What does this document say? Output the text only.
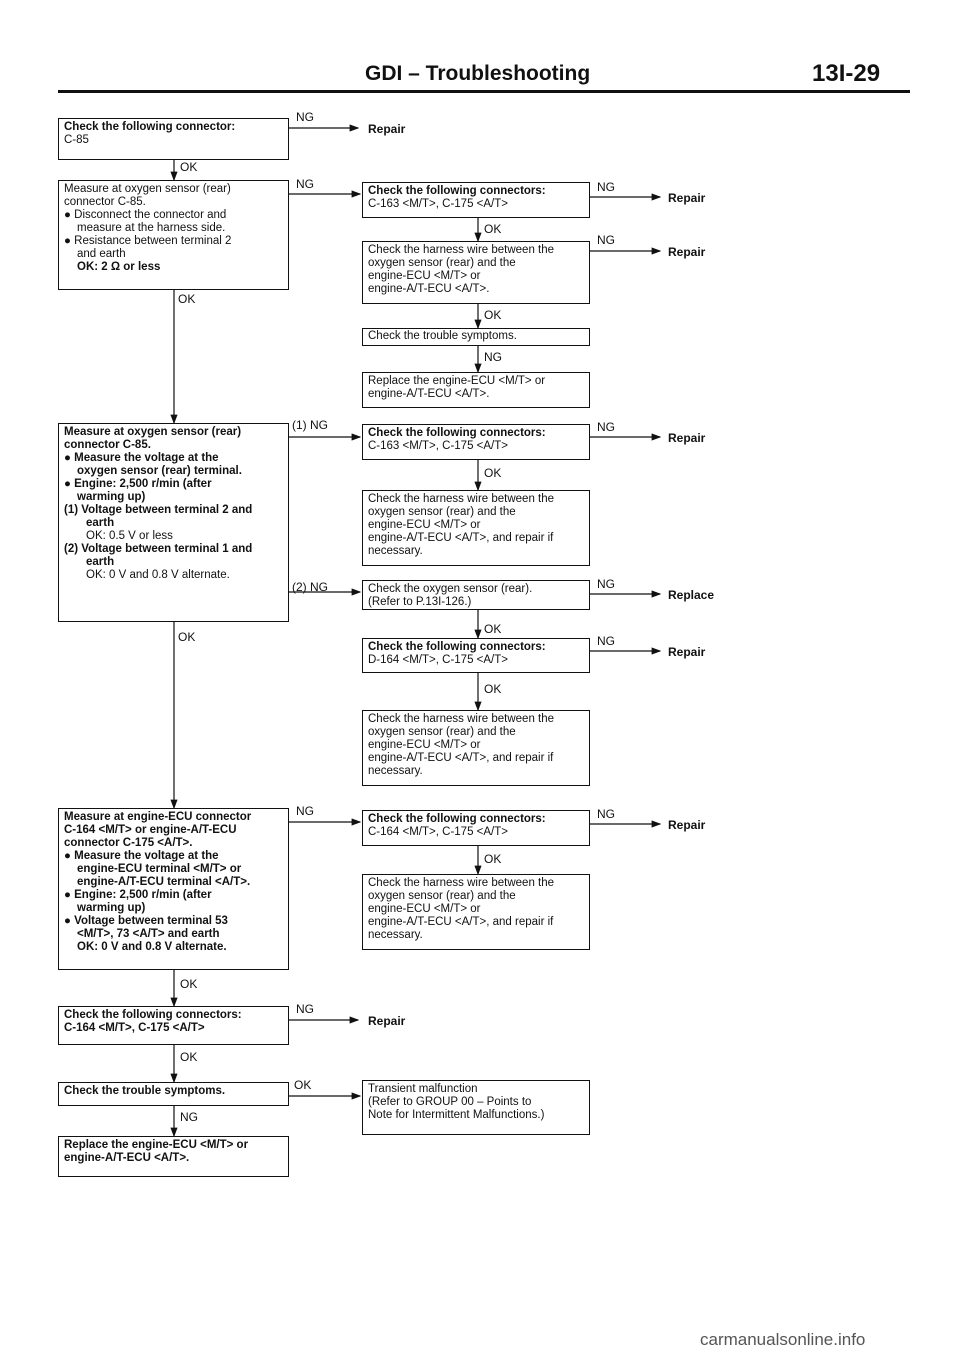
GDI – Troubleshooting	13I-29
Check the following connector:
C-85
Measure at oxygen sensor (rear)
connector C-85.
● Disconnect the connector and
measure at the harness side.
● Resistance between terminal 2
and earth
OK: 2 Ω or less
Measure at oxygen sensor (rear)
connector C-85.
● Measure the voltage at the
oxygen sensor (rear) terminal.
● Engine: 2,500 r/min (after
warming up)
(1) Voltage between terminal 2 and
earth
OK: 0.5 V or less
(2) Voltage between terminal 1 and
earth
OK: 0 V and 0.8 V alternate.
Measure at engine-ECU connector
C-164 <M/T> or engine-A/T-ECU
connector C-175 <A/T>.
● Measure the voltage at the
engine-ECU terminal <M/T> or
engine-A/T-ECU terminal <A/T>.
● Engine: 2,500 r/min (after
warming up)
● Voltage between terminal 53
<M/T>, 73 <A/T> and earth
OK: 0 V and 0.8 V alternate.
Check the following connectors:
C-164 <M/T>, C-175 <A/T>
Check the trouble symptoms.
Replace the engine-ECU <M/T> or
engine-A/T-ECU <A/T>.
Check the following connectors:
C-163 <M/T>, C-175 <A/T>
Check the harness wire between the
oxygen sensor (rear) and the
engine-ECU <M/T> or
engine-A/T-ECU <A/T>.
Check the trouble symptoms.
Replace the engine-ECU <M/T> or
engine-A/T-ECU <A/T>.
Check the following connectors:
C-163 <M/T>, C-175 <A/T>
Check the harness wire between the
oxygen sensor (rear) and the
engine-ECU <M/T> or
engine-A/T-ECU <A/T>, and repair if
necessary.
Check the oxygen sensor (rear).
(Refer to P.13I-126.)
Check the following connectors:
D-164 <M/T>, C-175 <A/T>
Check the harness wire between the
oxygen sensor (rear) and the
engine-ECU <M/T> or
engine-A/T-ECU <A/T>, and repair if
necessary.
Check the following connectors:
C-164 <M/T>, C-175 <A/T>
Check the harness wire between the
oxygen sensor (rear) and the
engine-ECU <M/T> or
engine-A/T-ECU <A/T>, and repair if
necessary.
Transient malfunction
(Refer to GROUP 00 – Points to
Note for Intermittent Malfunctions.)
NG
Repair
NG
(1) NG
(2) NG
NG
NG
Repair
OK
OK
OK
OK
OK
OK
NG
OK
OK
NG
OK
OK
OK
OK
NG
Repair
NG
Repair
NG
Repair
NG
Replace
NG
Repair
NG
Repair
carmanualsonline.info
